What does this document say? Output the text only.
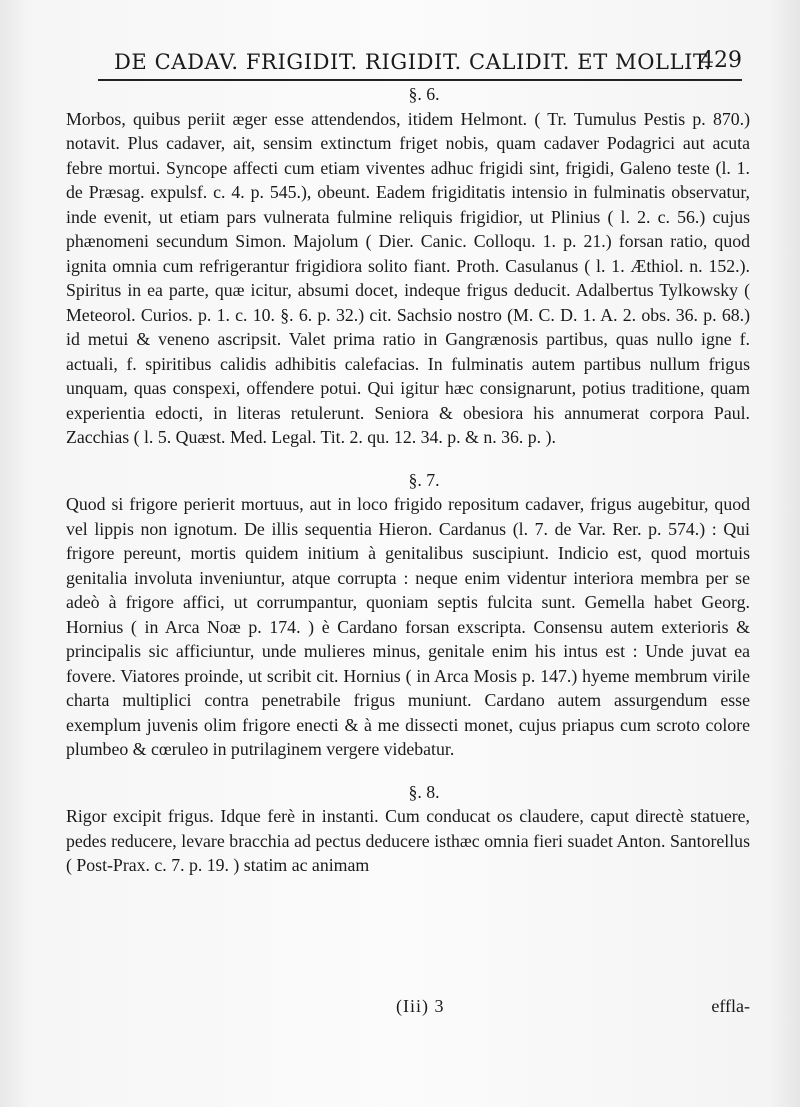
DE CADAV. FRIGIDIT. RIGIDIT. CALIDIT. ET MOLLIT.
429

§. 6.

Morbos, quibus periit æger esse attendendos, itidem Helmont. ( Tr. Tumulus Pestis p. 870.) notavit. Plus cadaver, ait, sensim extinctum friget nobis, quam cadaver Podagrici aut acuta febre mortui. Syncope affecti cum etiam viventes adhuc frigidi sint, frigidi, Galeno teste (l. 1. de Præsag. expulsf. c. 4. p. 545.), obeunt. Eadem frigiditatis intensio in fulminatis observatur, inde evenit, ut etiam pars vulnerata fulmine reliquis frigidior, ut Plinius ( l. 2. c. 56.) cujus phænomeni secundum Simon. Majolum ( Dier. Canic. Colloqu. 1. p. 21.) forsan ratio, quod ignita omnia cum refrigerantur frigidiora solito fiant. Proth. Casulanus ( l. 1. Æthiol. n. 152.). Spiritus in ea parte, quæ icitur, absumi docet, indeque frigus deducit. Adalbertus Tylkowsky ( Meteorol. Curios. p. 1. c. 10. §. 6. p. 32.) cit. Sachsio nostro (M. C. D. 1. A. 2. obs. 36. p. 68.) id metui & veneno ascripsit. Valet prima ratio in Gangrænosis partibus, quas nullo igne f. actuali, f. spiritibus calidis adhibitis calefacias. In fulminatis autem partibus nullum frigus unquam, quas conspexi, offendere potui. Qui igitur hæc consignarunt, potius traditione, quam experientia edocti, in literas retulerunt. Seniora & obesiora his annumerat corpora Paul. Zacchias ( l. 5. Quæst. Med. Legal. Tit. 2. qu. 12. 34. p. & n. 36. p. ).

§. 7.

Quod si frigore perierit mortuus, aut in loco frigido repositum cadaver, frigus augebitur, quod vel lippis non ignotum. De illis sequentia Hieron. Cardanus (l. 7. de Var. Rer. p. 574.) : Qui frigore pereunt, mortis quidem initium à genitalibus suscipiunt. Indicio est, quod mortuis genitalia involuta inveniuntur, atque corrupta : neque enim videntur interiora membra per se adeò à frigore affici, ut corrumpantur, quoniam septis fulcita sunt. Gemella habet Georg. Hornius ( in Arca Noæ p. 174. ) è Cardano forsan exscripta. Consensu autem exterioris & principalis sic afficiuntur, unde mulieres minus, genitale enim his intus est : Unde juvat ea fovere. Viatores proinde, ut scribit cit. Hornius ( in Arca Mosis p. 147.) hyeme membrum virile charta multiplici contra penetrabile frigus muniunt. Cardano autem assurgendum esse exemplum juvenis olim frigore enecti & à me dissecti monet, cujus priapus cum scroto colore plumbeo & cœruleo in putrilaginem vergere videbatur.

§. 8.

Rigor excipit frigus. Idque ferè in instanti. Cum conducat os claudere, caput directè statuere, pedes reducere, levare bracchia ad pectus deducere isthæc omnia fieri suadet Anton. Santorellus ( Post-Prax. c. 7. p. 19. ) statim ac animam

(Iii) 3	effla-
